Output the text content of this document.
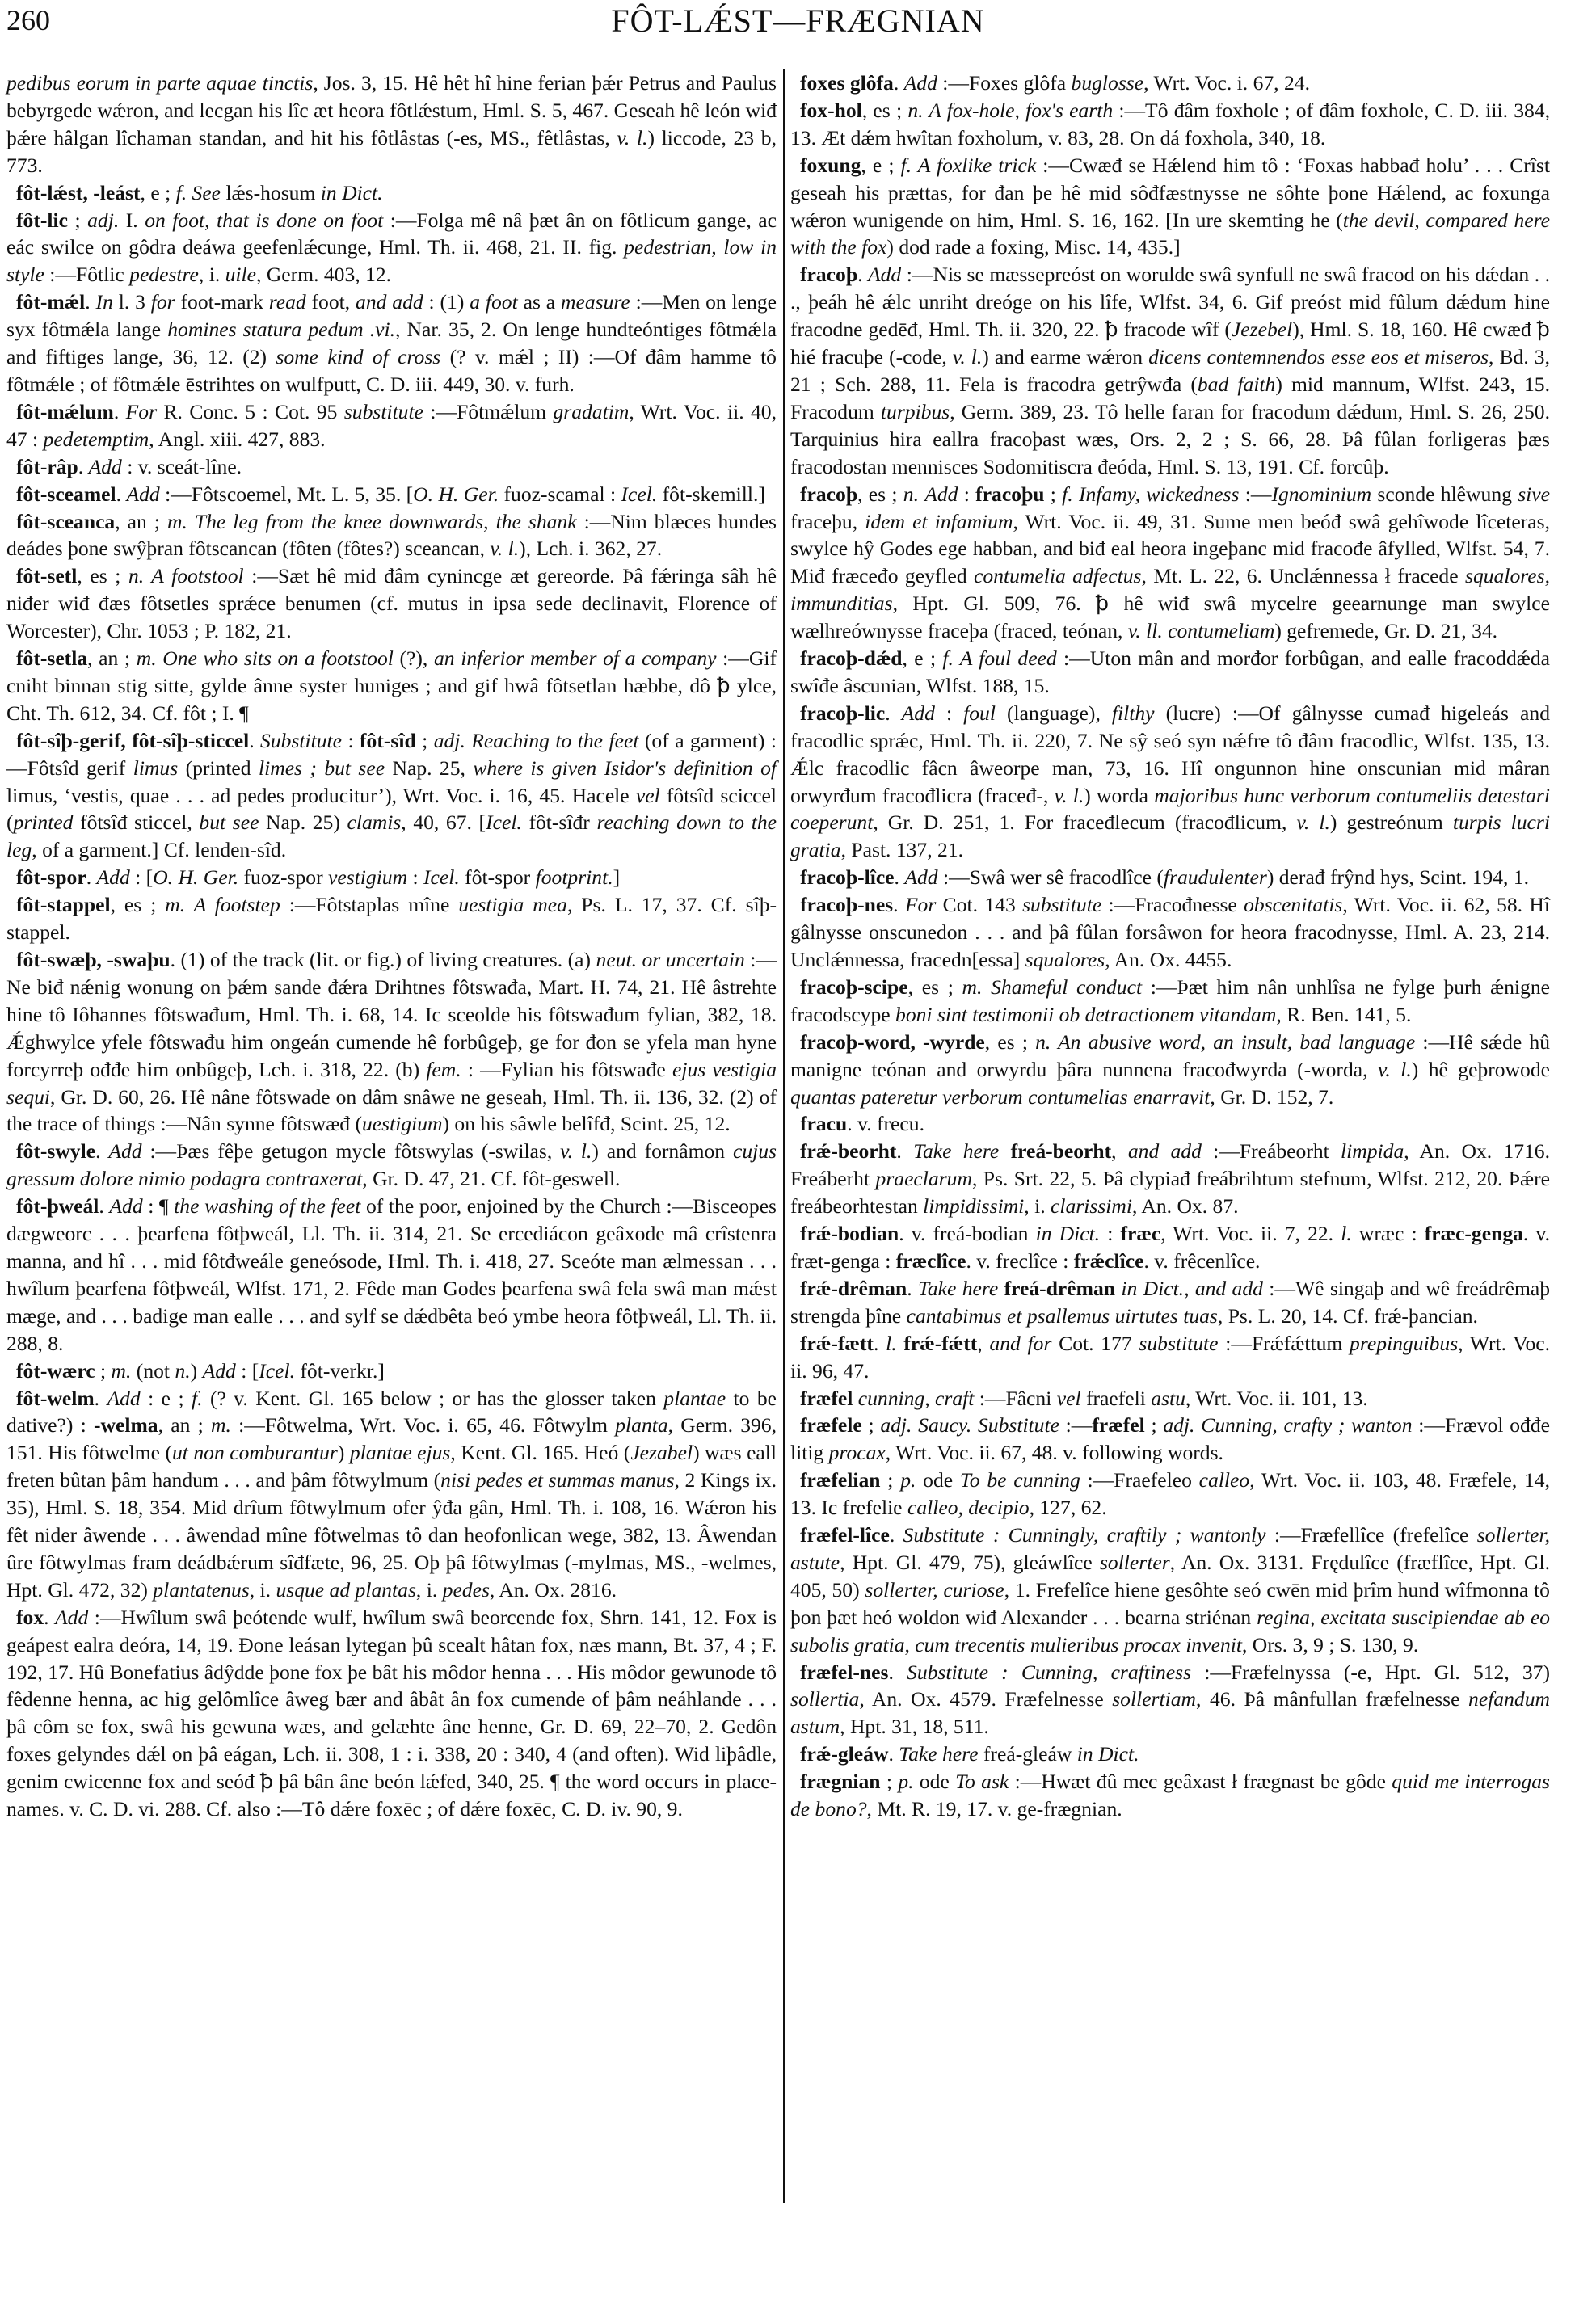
260	FÔT-LǼST—FRÆGNIAN

pedibus eorum in parte aquae tinctis, Jos. 3, 15. Hê hêt hî hine ferian þǽr Petrus and Paulus bebyrgede wǽron, and lecgan his lîc æt heora fôtlǽstum, Hml. S. 5, 467. Geseah hê león wiđ þǽre hâlgan lîchaman standan, and hit his fôtlâstas (-es, MS., fêtlâstas, v. l.) liccode, 23 b, 773.

fôt-lǽst, -leást, e ; f. See lǽs-hosum in Dict.

fôt-lic ; adj. I. on foot, that is done on foot :—Folga mê nâ þæt ân on fôtlicum gange, ac eác swilce on gôdra đeáwa geefenlǽcunge, Hml. Th. ii. 468, 21. II. fig. pedestrian, low in style :—Fôtlic pedestre, i. uile, Germ. 403, 12.

fôt-mǽl. In l. 3 for foot-mark read foot, and add : (1) a foot as a measure :—Men on lenge syx fôtmǽla lange homines statura pedum .vi., Nar. 35, 2. On lenge hundteóntiges fôtmǽla and fiftiges lange, 36, 12. (2) some kind of cross (? v. mǽl ; II) :—Of đâm hamme tô fôtmǽle ; of fôtmǽle ēstrihtes on wulfputt, C. D. iii. 449, 30. v. furh.

fôt-mǽlum. For R. Conc. 5 : Cot. 95 substitute :—Fôtmǽlum gradatim, Wrt. Voc. ii. 40, 47 : pedetemptim, Angl. xiii. 427, 883.

fôt-râp. Add : v. sceát-lîne.

fôt-sceamel. Add :—Fôtscoemel, Mt. L. 5, 35. [O. H. Ger. fuoz-scamal : Icel. fôt-skemill.]

fôt-sceanca, an ; m. The leg from the knee downwards, the shank :—Nim blæces hundes deádes þone swŷþran fôtscancan (fôten (fôtes?) sceancan, v. l.), Lch. i. 362, 27.

fôt-setl, es ; n. A footstool :—Sæt hê mid đâm cynincge æt gereorde. Þâ fǽringa sâh hê niđer wiđ đæs fôtsetles sprǽce benumen (cf. mutus in ipsa sede declinavit, Florence of Worcester), Chr. 1053 ; P. 182, 21.

fôt-setla, an ; m. One who sits on a footstool (?), an inferior member of a company :—Gif cniht binnan stig sitte, gylde ânne syster huniges ; and gif hwâ fôtsetlan hæbbe, dô ꝥ ylce, Cht. Th. 612, 34. Cf. fôt ; I. ¶

fôt-sîþ-gerif, fôt-sîþ-sticcel. Substitute : fôt-sîd ; adj. Reaching to the feet (of a garment) :—Fôtsîd gerif limus (printed limes ; but see Nap. 25, where is given Isidor's definition of limus, ‘vestis, quae . . . ad pedes producitur’), Wrt. Voc. i. 16, 45. Hacele vel fôtsîd sciccel (printed fôtsîđ sticcel, but see Nap. 25) clamis, 40, 67. [Icel. fôt-sîđr reaching down to the leg, of a garment.] Cf. lenden-sîd.

fôt-spor. Add : [O. H. Ger. fuoz-spor vestigium : Icel. fôt-spor footprint.]

fôt-stappel, es ; m. A footstep :—Fôtstaplas mîne uestigia mea, Ps. L. 17, 37. Cf. sîþ-stappel.

fôt-swæþ, -swaþu. (1) of the track (lit. or fig.) of living creatures. (a) neut. or uncertain :—Ne biđ nǽnig wonung on þǽm sande đǽra Drihtnes fôtswađa, Mart. H. 74, 21. Hê âstrehte hine tô Iôhannes fôtswađum, Hml. Th. i. 68, 14. Ic sceolde his fôtswađum fylian, 382, 18. Ǽghwylce yfele fôtswađu him ongeán cumende hê forbûgeþ, ge for đon se yfela man hyne forcyrreþ ođđe him onbûgeþ, Lch. i. 318, 22. (b) fem. : —Fylian his fôtswađe ejus vestigia sequi, Gr. D. 60, 26. Hê nâne fôtswađe on đâm snâwe ne geseah, Hml. Th. ii. 136, 32. (2) of the trace of things :—Nân synne fôtswæđ (uestigium) on his sâwle belîfđ, Scint. 25, 12.

fôt-swyle. Add :—Þæs fêþe getugon mycle fôtswylas (-swilas, v. l.) and fornâmon cujus gressum dolore nimio podagra contraxerat, Gr. D. 47, 21. Cf. fôt-geswell.

fôt-þweál. Add : ¶ the washing of the feet of the poor, enjoined by the Church :—Bisceopes dægweorc . . . þearfena fôtþweál, Ll. Th. ii. 314, 21. Se ercediácon geâxode mâ crîstenra manna, and hî . . . mid fôtđweále geneósode, Hml. Th. i. 418, 27. Sceóte man ælmessan . . . hwîlum þearfena fôtþweál, Wlfst. 171, 2. Fêde man Godes þearfena swâ fela swâ man mǽst mæge, and . . . bađige man ealle . . . and sylf se dǽdbêta beó ymbe heora fôtþweál, Ll. Th. ii. 288, 8.

fôt-wærc ; m. (not n.) Add : [Icel. fôt-verkr.]

fôt-welm. Add : e ; f. (? v. Kent. Gl. 165 below ; or has the glosser taken plantae to be dative?) : -welma, an ; m. :—Fôtwelma, Wrt. Voc. i. 65, 46. Fôtwylm planta, Germ. 396, 151. His fôtwelme (ut non comburantur) plantae ejus, Kent. Gl. 165. Heó (Jezabel) wæs eall freten bûtan þâm handum . . . and þâm fôtwylmum (nisi pedes et summas manus, 2 Kings ix. 35), Hml. S. 18, 354. Mid drîum fôtwylmum ofer ŷđa gân, Hml. Th. i. 108, 16. Wǽron his fêt niđer âwende . . . âwendađ mîne fôtwelmas tô đan heofonlican wege, 382, 13. Âwendan ûre fôtwylmas fram deádbǽrum sîđfæte, 96, 25. Oþ þâ fôtwylmas (-mylmas, MS., -welmes, Hpt. Gl. 472, 32) plantatenus, i. usque ad plantas, i. pedes, An. Ox. 2816.

fox. Add :—Hwîlum swâ þeótende wulf, hwîlum swâ beorcende fox, Shrn. 141, 12. Fox is geápest ealra deóra, 14, 19. Đone leásan lytegan þû scealt hâtan fox, næs mann, Bt. 37, 4 ; F. 192, 17. Hû Bonefatius âdŷdde þone fox þe bât his môdor henna . . . His môdor gewunode tô fêdenne henna, ac hig gelômlîce âweg bær and âbât ân fox cumende of þâm neáhlande . . . þâ côm se fox, swâ his gewuna wæs, and gelæhte âne henne, Gr. D. 69, 22–70, 2. Gedôn foxes gelyndes dǽl on þâ eágan, Lch. ii. 308, 1 : i. 338, 20 : 340, 4 (and often). Wiđ liþâdle, genim cwicenne fox and seóđ ꝥ þâ bân âne beón lǽfed, 340, 25. ¶ the word occurs in place-names. v. C. D. vi. 288. Cf. also :—Tô đǽre foxēc ; of đǽre foxēc, C. D. iv. 90, 9.

foxes glôfa. Add :—Foxes glôfa buglosse, Wrt. Voc. i. 67, 24.

fox-hol, es ; n. A fox-hole, fox's earth :—Tô đâm foxhole ; of đâm foxhole, C. D. iii. 384, 13. Æt đǽm hwîtan foxholum, v. 83, 28. On đá foxhola, 340, 18.

foxung, e ; f. A foxlike trick :—Cwæđ se Hǽlend him tô : ‘Foxas habbađ holu’ . . . Crîst geseah his prættas, for đan þe hê mid sôđfæstnysse ne sôhte þone Hǽlend, ac foxunga wǽron wunigende on him, Hml. S. 16, 162. [In ure skemting he (the devil, compared here with the fox) dođ rađe a foxing, Misc. 14, 435.]

fracoþ. Add :—Nis se mæssepreóst on worulde swâ synfull ne swâ fracod on his dǽdan . . ., þeáh hê ǽlc unriht dreóge on his lîfe, Wlfst. 34, 6. Gif preóst mid fûlum dǽdum hine fracodne gedēđ, Hml. Th. ii. 320, 22. ꝥ fracode wîf (Jezebel), Hml. S. 18, 160. Hê cwæđ ꝥ hié fracuþe (-code, v. l.) and earme wǽron dicens contemnendos esse eos et miseros, Bd. 3, 21 ; Sch. 288, 11. Fela is fracodra getrŷwđa (bad faith) mid mannum, Wlfst. 243, 15. Fracodum turpibus, Germ. 389, 23. Tô helle faran for fracodum dǽdum, Hml. S. 26, 250. Tarquinius hira eallra fracoþast wæs, Ors. 2, 2 ; S. 66, 28. Þâ fûlan forligeras þæs fracodostan mennisces Sodomitiscra đeóda, Hml. S. 13, 191. Cf. forcûþ.

fracoþ, es ; n. Add : fracoþu ; f. Infamy, wickedness :—Ignominium sconde hlêwung sive fraceþu, idem et infamium, Wrt. Voc. ii. 49, 31. Sume men beóđ swâ gehîwode lîceteras, swylce hŷ Godes ege habban, and biđ eal heora ingeþanc mid fracođe âfylled, Wlfst. 54, 7. Miđ fræceđo geyfled contumelia adfectus, Mt. L. 22, 6. Unclǽnnessa ł fracede squalores, immunditias, Hpt. Gl. 509, 76. ꝥ hê wiđ swâ mycelre geearnunge man swylce wælhreównysse fraceþa (fraced, teónan, v. ll. contumeliam) gefremede, Gr. D. 21, 34.

fracoþ-dǽd, e ; f. A foul deed :—Uton mân and morđor forbûgan, and ealle fracoddǽda swîđe âscunian, Wlfst. 188, 15.

fracoþ-lic. Add : foul (language), filthy (lucre) :—Of gâlnysse cumađ higeleás and fracodlic sprǽc, Hml. Th. ii. 220, 7. Ne sŷ seó syn nǽfre tô đâm fracodlic, Wlfst. 135, 13. Ǽlc fracodlic fâcn âweorpe man, 73, 16. Hî ongunnon hine onscunian mid mâran orwyrđum fracođlicra (fraceđ-, v. l.) worda majoribus hunc verborum contumeliis detestari coeperunt, Gr. D. 251, 1. For fraceđlecum (fracođlicum, v. l.) gestreónum turpis lucri gratia, Past. 137, 21.

fracoþ-lîce. Add :—Swâ wer sê fracodlîce (fraudulenter) derađ frŷnd hys, Scint. 194, 1.

fracoþ-nes. For Cot. 143 substitute :—Fracođnesse obscenitatis, Wrt. Voc. ii. 62, 58. Hî gâlnysse onscunedon . . . and þâ fûlan forsâwon for heora fracodnysse, Hml. A. 23, 214. Unclǽnnessa, fracedn[essa] squalores, An. Ox. 4455.

fracoþ-scipe, es ; m. Shameful conduct :—Þæt him nân unhlîsa ne fylge þurh ǽnigne fracodscype boni sint testimonii ob detractionem vitandam, R. Ben. 141, 5.

fracoþ-word, -wyrde, es ; n. An abusive word, an insult, bad language :—Hê sǽde hû manigne teónan and orwyrdu þâra nunnena fracođwyrda (-worda, v. l.) hê geþrowode quantas pateretur verborum contumelias enarravit, Gr. D. 152, 7.

fracu. v. frecu.

frǽ-beorht. Take here freá-beorht, and add :—Freábeorht limpida, An. Ox. 1716. Freáberht praeclarum, Ps. Srt. 22, 5. Þâ clypiađ freábrihtum stefnum, Wlfst. 212, 20. Þǽre freábeorhtestan limpidissimi, i. clarissimi, An. Ox. 87.

frǽ-bodian. v. freá-bodian in Dict. : fræc, Wrt. Voc. ii. 7, 22. l. wræc : fræc-genga. v. fræt-genga : fræclîce. v. freclîce : frǽclîce. v. frêcenlîce.

frǽ-drêman. Take here freá-drêman in Dict., and add :—Wê singaþ and wê freádrêmaþ strengđa þîne cantabimus et psallemus uirtutes tuas, Ps. L. 20, 14. Cf. frǽ-þancian.

frǽ-fætt. l. frǽ-fǽtt, and for Cot. 177 substitute :—Frǽfǽttum prepinguibus, Wrt. Voc. ii. 96, 47.

fræfel cunning, craft :—Fâcni vel fraefeli astu, Wrt. Voc. ii. 101, 13.

fræfele ; adj. Saucy. Substitute :—fræfel ; adj. Cunning, crafty ; wanton :—Frævol ođđe litig procax, Wrt. Voc. ii. 67, 48. v. following words.

fræfelian ; p. ode To be cunning :—Fraefeleo calleo, Wrt. Voc. ii. 103, 48. Fræfele, 14, 13. Ic frefelie calleo, decipio, 127, 62.

fræfel-lîce. Substitute : Cunningly, craftily ; wantonly :—Fræfellîce (frefelîce sollerter, astute, Hpt. Gl. 479, 75), gleáwlîce sollerter, An. Ox. 3131. Frędulîce (fræflîce, Hpt. Gl. 405, 50) sollerter, curiose, 1. Frefelîce hiene gesôhte seó cwēn mid þrîm hund wîfmonna tô þon þæt heó woldon wiđ Alexander . . . bearna striénan regina, excitata suscipiendae ab eo subolis gratia, cum trecentis mulieribus procax invenit, Ors. 3, 9 ; S. 130, 9.

fræfel-nes. Substitute : Cunning, craftiness :—Fræfelnyssa (-e, Hpt. Gl. 512, 37) sollertia, An. Ox. 4579. Fræfelnesse sollertiam, 46. Þâ mânfullan fræfelnesse nefandum astum, Hpt. 31, 18, 511.

frǽ-gleáw. Take here freá-gleáw in Dict.

frægnian ; p. ode To ask :—Hwæt đû mec geâxast ł frægnast be gôde quid me interrogas de bono?, Mt. R. 19, 17. v. ge-frægnian.
